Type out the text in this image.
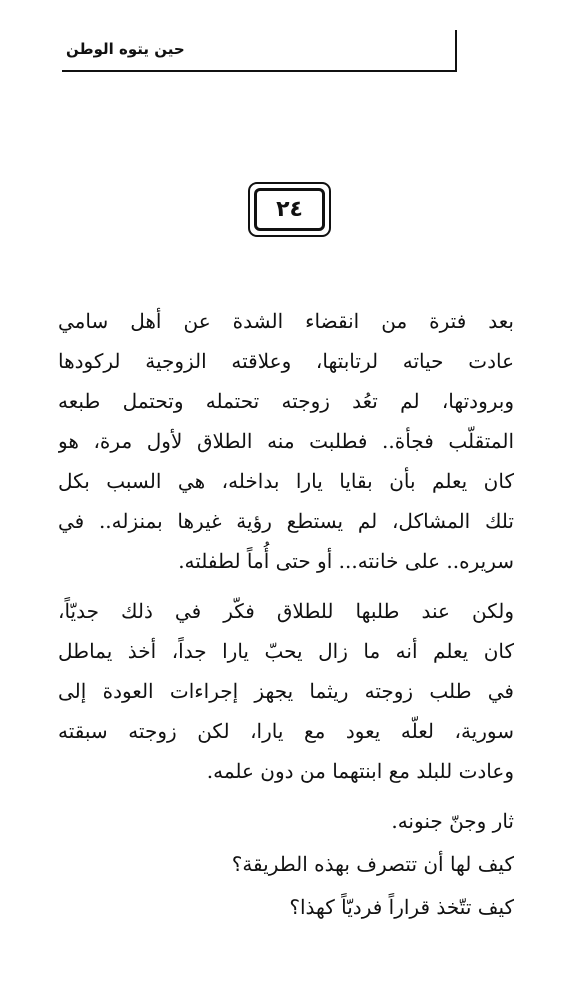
حين يتوه الوطن
٢٤
بعد فترة من انقضاء الشدة عن أهل سامي
عادت حياته لرتابتها، وعلاقته الزوجية لركودها
وبرودتها، لم تعُد زوجته تحتمله وتحتمل طبعه
المتقلّب فجأة.. فطلبت منه الطلاق لأول مرة، هو
كان يعلم بأن بقايا يارا بداخله، هي السبب بكل
تلك المشاكل، لم يستطع رؤية غيرها بمنزله.. في
سريره.. على خانته... أو حتى أُماً لطفلته.
ولكن عند طلبها للطلاق فكّر في ذلك جديّاً،
كان يعلم أنه ما زال يحبّ يارا جداً، أخذ يماطل
في طلب زوجته ريثما يجهز إجراءات العودة إلى
سورية، لعلّه يعود مع يارا، لكن زوجته سبقته
وعادت للبلد مع ابنتهما من دون علمه.
ثار وجنّ جنونه.
كيف لها أن تتصرف بهذه الطريقة؟
كيف تتّخذ قراراً فرديّاً كهذا؟
